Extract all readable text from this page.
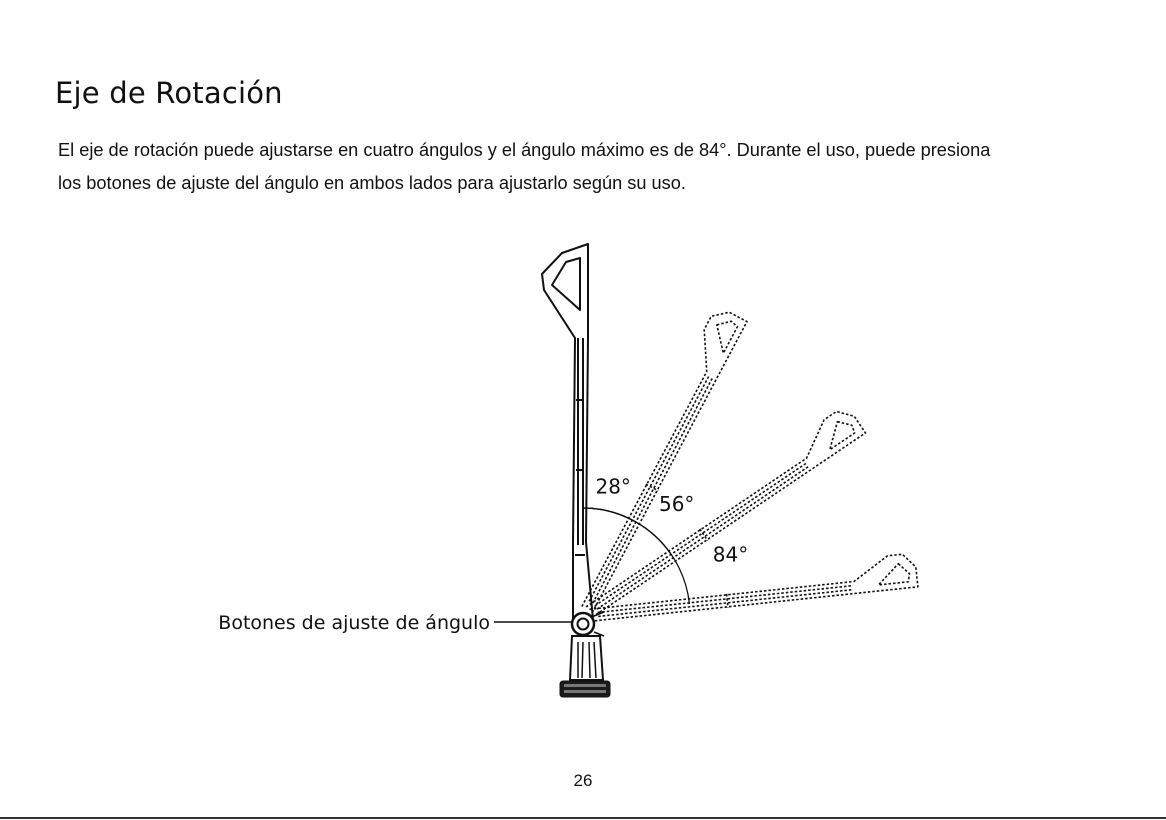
Eje de Rotación

El eje de rotación puede ajustarse en cuatro ángulos y el ángulo máximo es de 84°. Durante el uso, puede presiona
los botones de ajuste del ángulo en ambos lados para ajustarlo según su uso.

28°
56°
84°
Botones de ajuste de ángulo
26
